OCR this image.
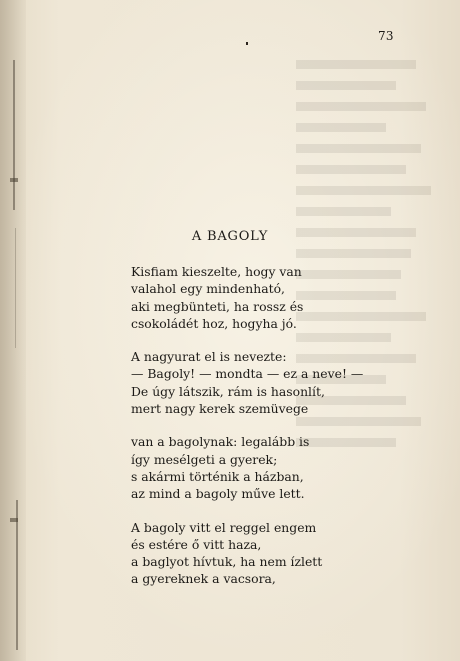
73
A BAGOLY
Kisfiam kieszelte, hogy van
valahol egy mindenható,
aki megbünteti, ha rossz és
csokoládét hoz, hogyha jó.
A nagyurat el is nevezte:
— Bagoly! — mondta — ez a neve! —
De úgy látszik, rám is hasonlít,
mert nagy kerek szemüvege
van a bagolynak: legalább is
így mesélgeti a gyerek;
s akármi történik a házban,
az mind a bagoly műve lett.
A bagoly vitt el reggel engem
és estére ő vitt haza,
a baglyot hívtuk, ha nem ízlett
a gyereknek a vacsora,
